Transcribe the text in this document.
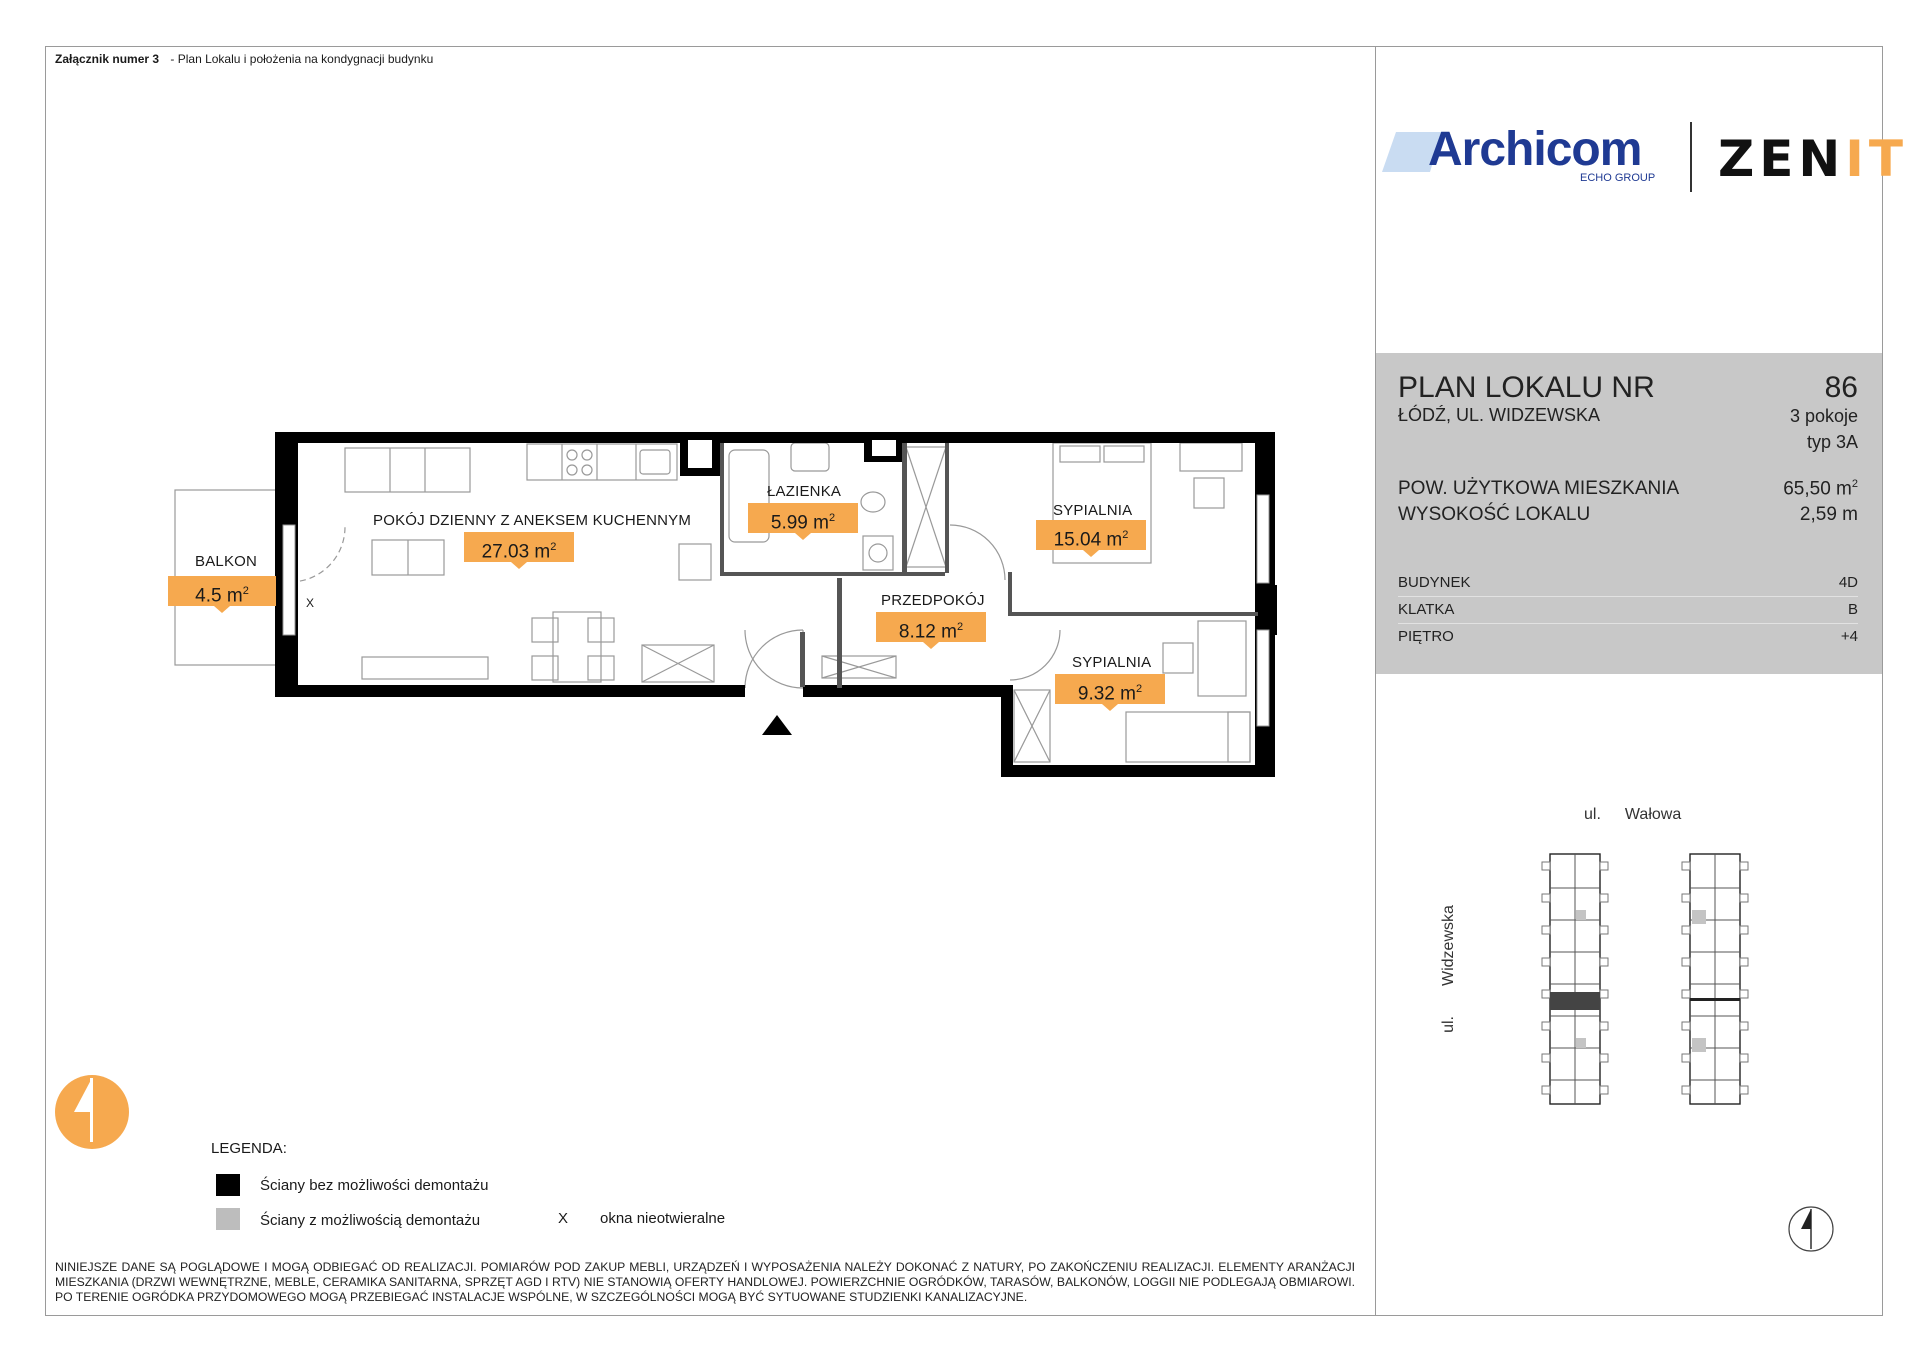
Załącznik numer 3 - Plan Lokalu i położenia na kondygnacji budynku
POKÓJ DZIENNY Z ANEKSEM KUCHENNYM
27.03 $m^2$
ŁAZIENKA
5.99 $m^2$	SYPIALNIA
15.04 $m^2$
PRZEDPOKÓJ
8.12 $m^2$
SYPIALNIA
9.32 $m^2$
BALKON
4.5 $m^2$
X
LEGENDA:
Ściany bez możliwości demontażu
Ściany z możliwością demontażu	X okna nieotwieralne
NINIEJSZE DANE SĄ POGLĄDOWE I MOGĄ ODBIEGAĆ OD REALIZACJI. POMIARÓW POD ZAKUP MEBLI, URZĄDZEŃ I WYPOSAŻENIA NALEŻY DOKONAĆ Z NATURY, PO ZAKOŃCZENIU REALIZACJI. ELEMENTY ARANŻACJI MIESZKANIA (DRZWI WEWNĘTRZNE, MEBLE, CERAMIKA SANITARNA, SPRZĘT AGD I RTV) NIE STANOWIĄ OFERTY HANDLOWEJ. POWIERZCHNIE OGRÓDKÓW, TARASÓW, BALKONÓW, LOGGII NIE PODLEGAJĄ OBMIAROWI. PO TERENIE OGRÓDKA PRZYDOMOWEGO MOGĄ PRZEBIEGAĆ INSTALACJE WSPÓLNE, W SZCZEGÓLNOŚCI MOGĄ BYĆ SYTUOWANE STUDZIENKI KANALIZACYJNE.
Archicom
ECHO GROUP ZENIT
PLAN LOKALU NR	86
ŁÓDŹ, UL. WIDZEWSKA	3 pokoje
typ 3A
POW. UŻYTKOWA MIESZKANIA	65,50 $m^2$
WYSOKOŚĆ LOKALU	2,59 m
BUDYNEK	4D
KLATKA	B
PIĘTRO	+4
ul. Wałowa
ul.Widzewska
